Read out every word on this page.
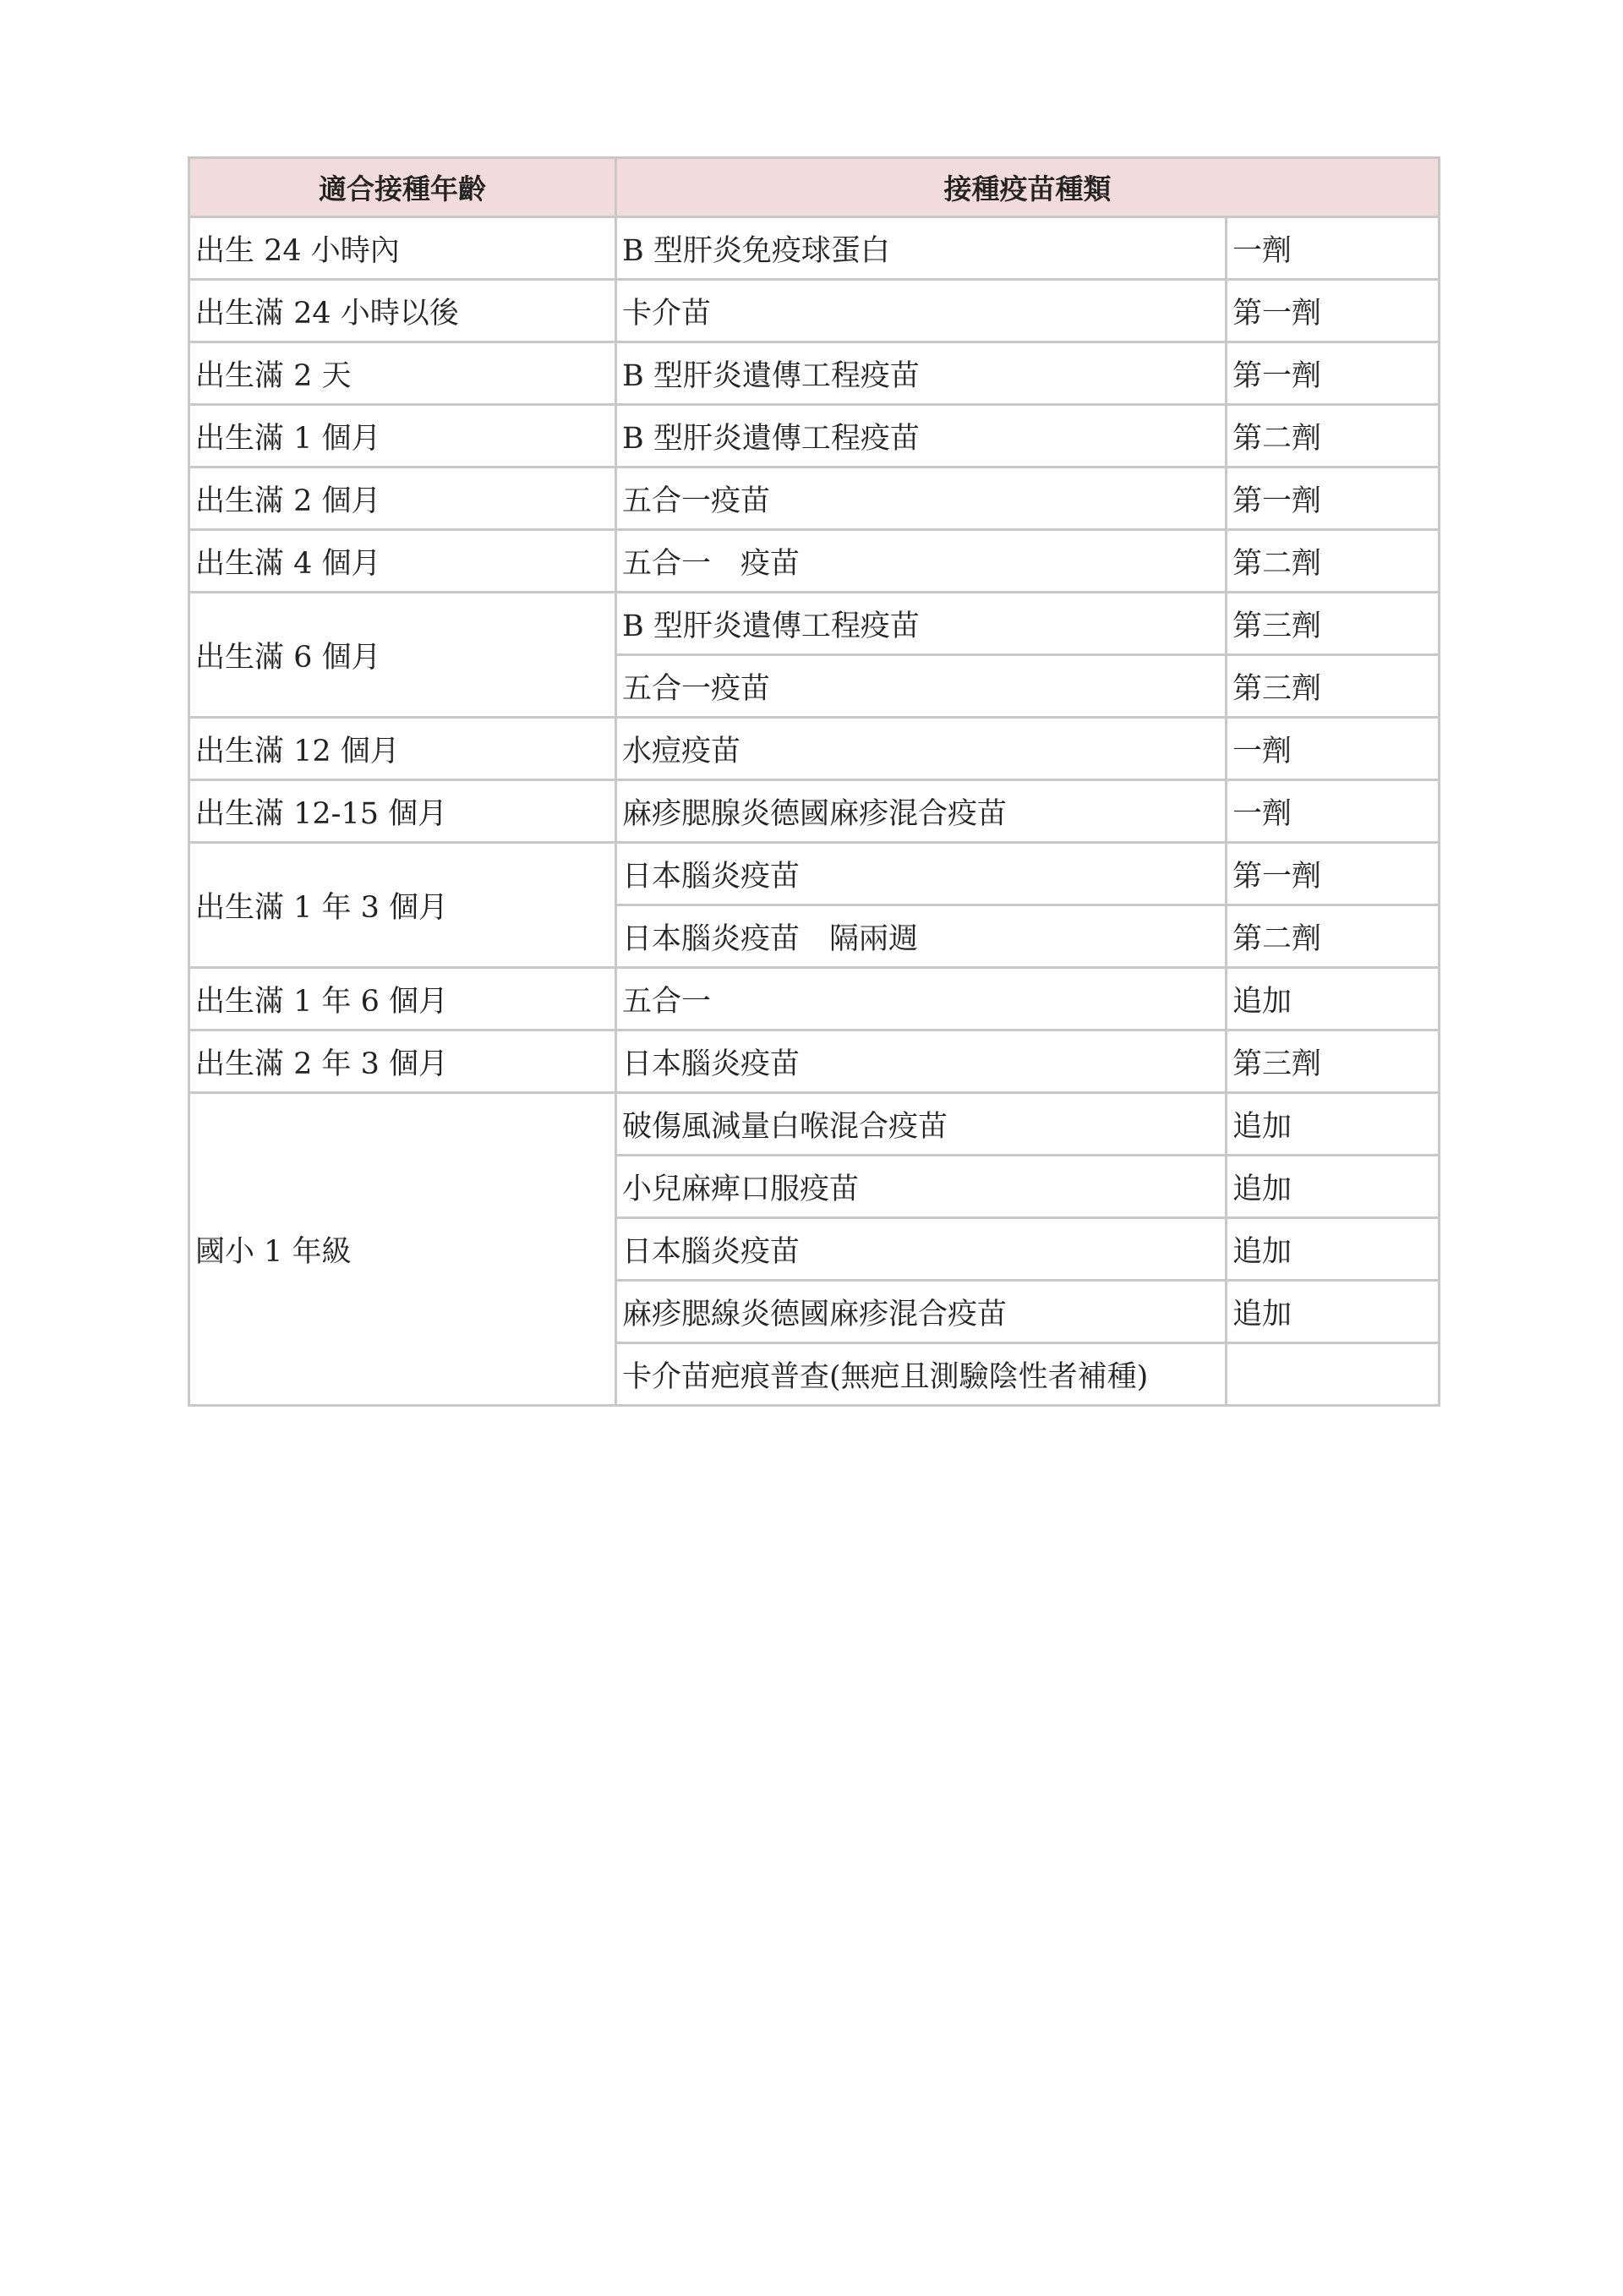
適合接種年齡	接種疫苗種類	
出生 24 小時內	B 型肝炎免疫球蛋白	一劑
出生滿 24 小時以後	卡介苗	第一劑
出生滿 2 天	B 型肝炎遺傳工程疫苗	第一劑
出生滿 1 個月	B 型肝炎遺傳工程疫苗	第二劑
出生滿 2 個月	五合一疫苗	第一劑
出生滿 4 個月	五合一　疫苗	第二劑
出生滿 6 個月	B 型肝炎遺傳工程疫苗	第三劑
	五合一疫苗	第三劑
出生滿 12 個月	水痘疫苗	一劑
出生滿 12-15 個月	麻疹腮腺炎德國麻疹混合疫苗	一劑
出生滿 1 年 3 個月	日本腦炎疫苗	第一劑
	日本腦炎疫苗　隔兩週	第二劑
出生滿 1 年 6 個月	五合一	追加
出生滿 2 年 3 個月	日本腦炎疫苗	第三劑
國小 1 年級	破傷風減量白喉混合疫苗	追加
	小兒麻痺口服疫苗	追加
	日本腦炎疫苗	追加
	麻疹腮線炎德國麻疹混合疫苗	追加
	卡介苗疤痕普查(無疤且測驗陰性者補種)	
